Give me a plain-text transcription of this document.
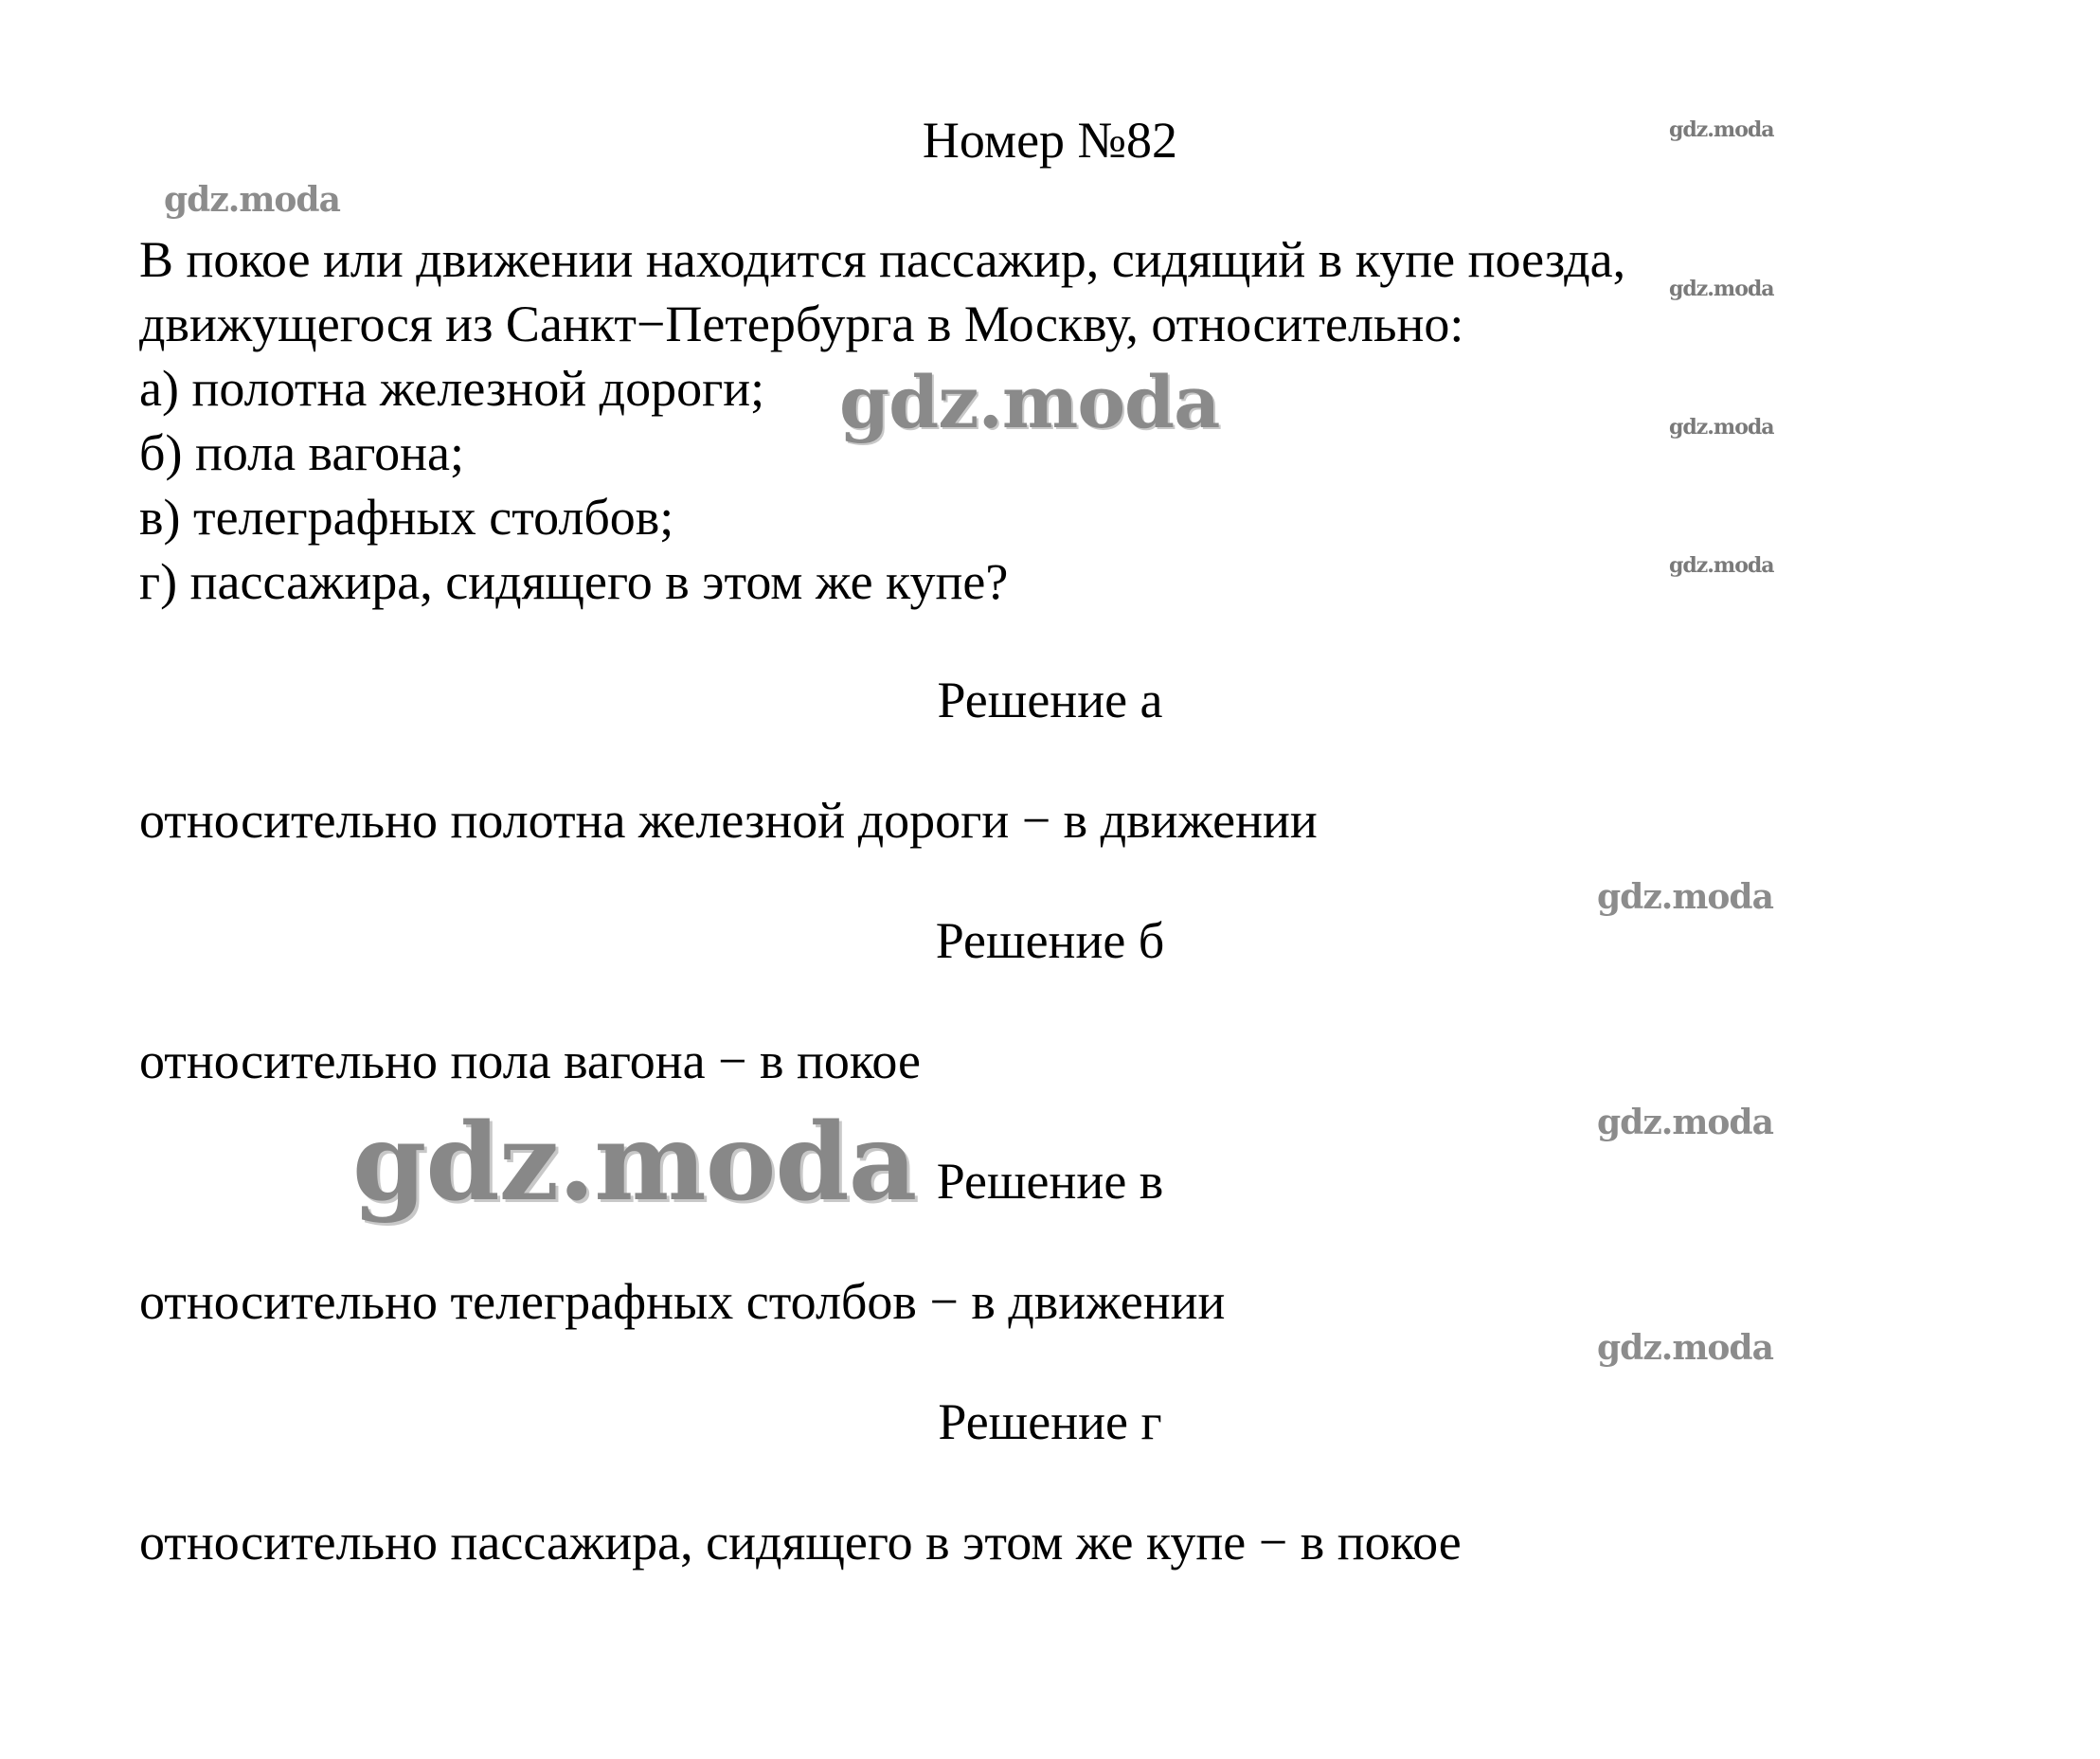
Номер №82
В покое или движении находится пассажир, сидящий в купе поезда,
движущегося из Санкт−Петербурга в Москву, относительно:
а) полотна железной дороги;
б) пола вагона;
в) телеграфных столбов;
г) пассажира, сидящего в этом же купе?
Решение а
относительно полотна железной дороги − в движении
Решение б
относительно пола вагона − в покое
Решение в
относительно телеграфных столбов − в движении
Решение г
относительно пассажира, сидящего в этом же купе − в покое
gdz.moda
gdz.moda
gdz.moda
gdz.moda	gdz.moda
gdz.moda
gdz.moda
gdz.moda
gdz.moda
gdz.moda
